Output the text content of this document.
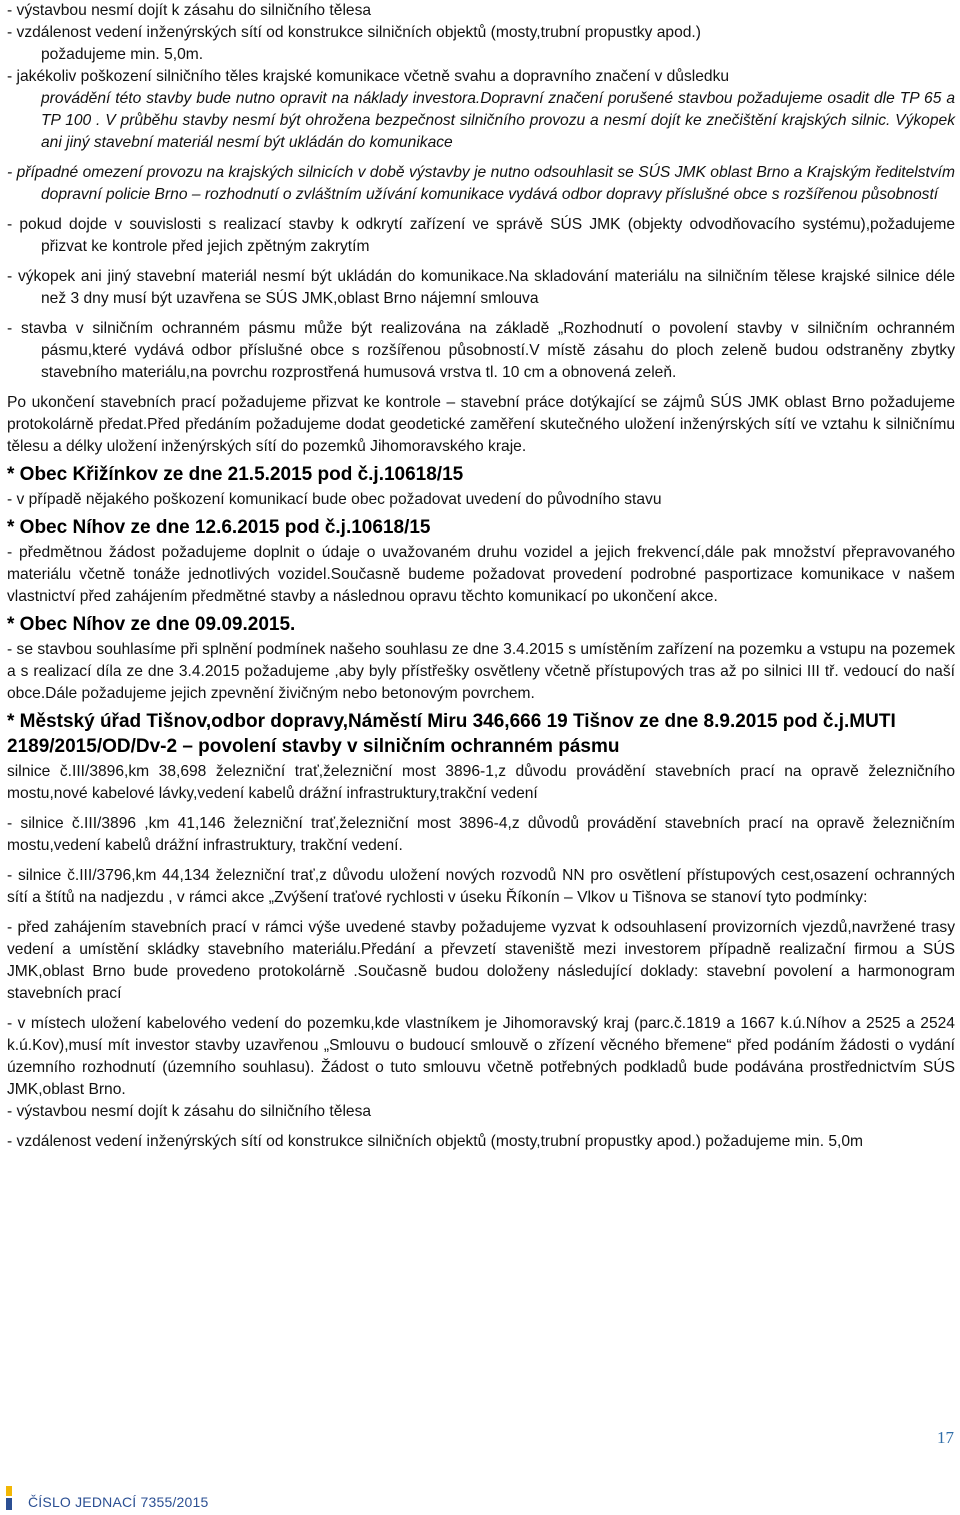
- výstavbou nesmí dojít k zásahu do silničního tělesa

- vzdálenost vedení inženýrských sítí od konstrukce silničních objektů (mosty,trubní propustky apod.)

požadujeme min. 5,0m.

- jakékoliv poškození silničního těles krajské komunikace včetně svahu a dopravního značení v důsledku

provádění této stavby bude nutno opravit na náklady investora.Dopravní značení porušené stavbou požadujeme osadit dle TP 65 a TP 100 . V průběhu stavby nesmí být ohrožena bezpečnost silničního provozu a nesmí dojít ke znečištění krajských silnic. Výkopek ani jiný stavební materiál nesmí být ukládán do komunikace

- případné omezení provozu na krajských silnicích v době výstavby je nutno odsouhlasit se SÚS JMK oblast Brno a Krajským ředitelstvím dopravní policie Brno – rozhodnutí o zvláštním užívání komunikace vydává odbor dopravy příslušné obce s rozšířenou působností

- pokud dojde v souvislosti s realizací stavby k odkrytí zařízení ve správě SÚS JMK (objekty odvodňovacího systému),požadujeme přizvat ke kontrole před jejich zpětným zakrytím

- výkopek ani jiný stavební materiál nesmí být ukládán do komunikace.Na skladování materiálu na silničním tělese krajské silnice déle než 3 dny musí být uzavřena se SÚS JMK,oblast Brno nájemní smlouva

- stavba v silničním ochranném pásmu může být realizována na základě „Rozhodnutí o povolení stavby v silničním ochranném pásmu,které vydává odbor příslušné obce s rozšířenou působností.V místě zásahu do ploch zeleně budou odstraněny zbytky stavebního materiálu,na povrchu rozprostřená humusová vrstva tl. 10 cm a obnovená zeleň.

Po ukončení stavebních prací požadujeme přizvat ke kontrole – stavební práce dotýkající se zájmů SÚS JMK oblast Brno požadujeme protokolárně předat.Před předáním požadujeme dodat geodetické zaměření skutečného uložení inženýrských sítí ve vztahu k silničnímu tělesu a délky uložení inženýrských sítí do pozemků Jihomoravského kraje.

* Obec Křižínkov ze dne 21.5.2015 pod č.j.10618/15

- v případě nějakého poškození komunikací bude obec požadovat uvedení do původního stavu

* Obec Níhov ze dne 12.6.2015 pod č.j.10618/15

- předmětnou žádost požadujeme doplnit o údaje o uvažovaném druhu vozidel a jejich frekvencí,dále pak množství přepravovaného materiálu včetně tonáže jednotlivých vozidel.Současně budeme požadovat provedení podrobné pasportizace komunikace v našem vlastnictví před zahájením předmětné stavby a následnou opravu těchto komunikací po ukončení akce.

* Obec Níhov ze dne 09.09.2015.

- se stavbou souhlasíme při splnění podmínek našeho souhlasu ze dne 3.4.2015 s umístěním zařízení na pozemku a vstupu na pozemek a s realizací díla ze dne 3.4.2015 požadujeme ,aby byly přístřešky osvětleny včetně přístupových tras až po silnici III tř. vedoucí do naší obce.Dále požadujeme jejich zpevnění živičným nebo betonovým povrchem.

* Městský úřad Tišnov,odbor dopravy,Náměstí Miru 346,666 19 Tišnov ze dne 8.9.2015 pod č.j.MUTI 2189/2015/OD/Dv-2 – povolení stavby v silničním ochranném pásmu

silnice č.III/3896,km 38,698 železniční trať,železniční most 3896-1,z důvodu provádění stavebních prací na opravě železničního mostu,nové kabelové lávky,vedení kabelů drážní infrastruktury,trakční vedení

- silnice č.III/3896 ,km 41,146 železniční trať,železniční most 3896-4,z důvodů provádění stavebních prací na opravě železničním mostu,vedení kabelů drážní infrastruktury, trakční vedení.

- silnice č.III/3796,km 44,134 železniční trať,z důvodu uložení nových rozvodů NN pro osvětlení přístupových cest,osazení ochranných sítí a štítů na nadjezdu , v rámci akce „Zvýšení traťové rychlosti v úseku Říkonín – Vlkov u Tišnova se stanoví tyto podmínky:

- před zahájením stavebních prací v rámci výše uvedené stavby požadujeme vyzvat k odsouhlasení provizorních vjezdů,navržené trasy vedení a umístění skládky stavebního materiálu.Předání a převzetí staveniště mezi investorem případně realizační firmou a SÚS JMK,oblast Brno bude provedeno protokolárně .Současně budou doloženy následující doklady: stavební povolení a harmonogram stavebních prací

- v místech uložení kabelového vedení do pozemku,kde vlastníkem je Jihomoravský kraj (parc.č.1819 a 1667 k.ú.Níhov a 2525 a 2524 k.ú.Kov),musí mít investor stavby uzavřenou „Smlouvu o budoucí smlouvě o zřízení věcného břemene“ před podáním žádosti o vydání územního rozhodnutí (územního souhlasu). Žádost o tuto smlouvu včetně potřebných podkladů bude podávána prostřednictvím SÚS JMK,oblast Brno.

- výstavbou nesmí dojít k zásahu do silničního tělesa

- vzdálenost vedení inženýrských sítí od konstrukce silničních objektů (mosty,trubní propustky apod.) požadujeme min. 5,0m

17
ČÍSLO JEDNACÍ 7355/2015
